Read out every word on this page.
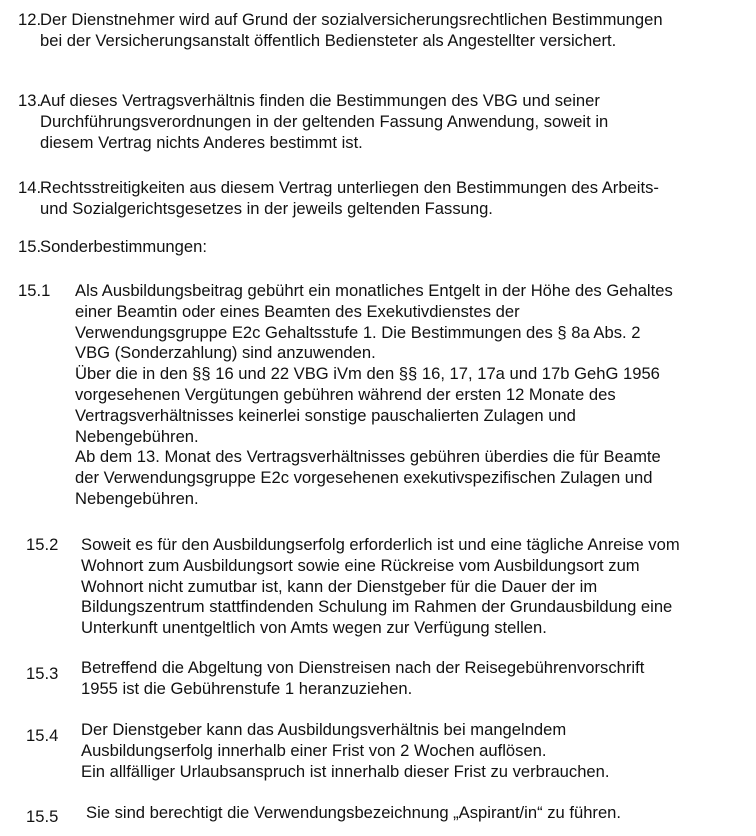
12.
Der Dienstnehmer wird auf Grund der sozialversicherungsrechtlichen Bestimmungen
bei der Versicherungsanstalt öffentlich Bediensteter als Angestellter versichert.
13.
Auf dieses Vertragsverhältnis finden die Bestimmungen des VBG und seiner
Durchführungsverordnungen in der geltenden Fassung Anwendung, soweit in
diesem Vertrag nichts Anderes bestimmt ist.
14.
Rechtsstreitigkeiten aus diesem Vertrag unterliegen den Bestimmungen des Arbeits-
und Sozialgerichtsgesetzes in der jeweils geltenden Fassung.
15.
Sonderbestimmungen:
15.1 Als Ausbildungsbeitrag gebührt ein monatliches Entgelt in der Höhe des Gehaltes
einer Beamtin oder eines Beamten des Exekutivdienstes der
Verwendungsgruppe E2c Gehaltsstufe 1. Die Bestimmungen des § 8a Abs. 2
VBG (Sonderzahlung) sind anzuwenden.
Über die in den §§ 16 und 22 VBG iVm den §§ 16, 17, 17a und 17b GehG 1956
vorgesehenen Vergütungen gebühren während der ersten 12 Monate des
Vertragsverhältnisses keinerlei sonstige pauschalierten Zulagen und
Nebengebühren.
Ab dem 13. Monat des Vertragsverhältnisses gebühren überdies die für Beamte
der Verwendungsgruppe E2c vorgesehenen exekutivspezifischen Zulagen und
Nebengebühren.
15.2 Soweit es für den Ausbildungserfolg erforderlich ist und eine tägliche Anreise vom
Wohnort zum Ausbildungsort sowie eine Rückreise vom Ausbildungsort zum
Wohnort nicht zumutbar ist, kann der Dienstgeber für die Dauer der im
Bildungszentrum stattfindenden Schulung im Rahmen der Grundausbildung eine
Unterkunft unentgeltlich von Amts wegen zur Verfügung stellen.
15.3 Betreffend die Abgeltung von Dienstreisen nach der Reisegebührenvorschrift
1955 ist die Gebührenstufe 1 heranzuziehen.
15.4 Der Dienstgeber kann das Ausbildungsverhältnis bei mangelndem
Ausbildungserfolg innerhalb einer Frist von 2 Wochen auflösen.
Ein allfälliger Urlaubsanspruch ist innerhalb dieser Frist zu verbrauchen.
15.5 Sie sind berechtigt die Verwendungsbezeichnung „Aspirant/in“ zu führen.
